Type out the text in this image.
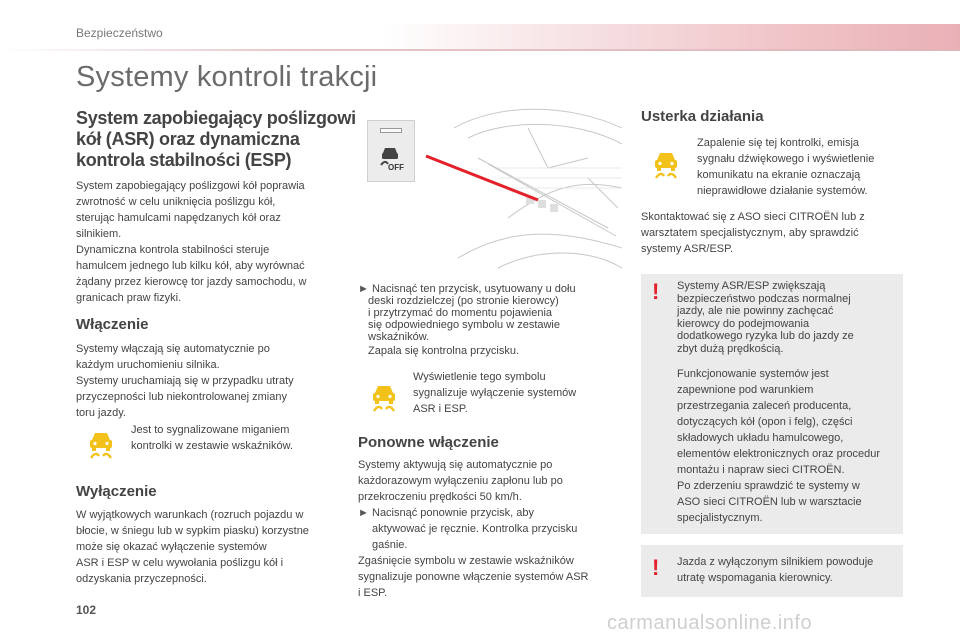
Bezpieczeństwo
Systemy kontroli trakcji
System zapobiegający poślizgowi
kół (ASR) oraz dynamiczna
kontrola stabilności (ESP)
System zapobiegający poślizgowi kół poprawia
zwrotność w celu uniknięcia poślizgu kół,
sterując hamulcami napędzanych kół oraz
silnikiem.
Dynamiczna kontrola stabilności steruje
hamulcem jednego lub kilku kół, aby wyrównać
żądany przez kierowcę tor jazdy samochodu, w
granicach praw fizyki.
Włączenie
Systemy włączają się automatycznie po
każdym uruchomieniu silnika.
Systemy uruchamiają się w przypadku utraty
przyczepności lub niekontrolowanej zmiany
toru jazdy.
Jest to sygnalizowane miganiem
kontrolki w zestawie wskaźników.
Wyłączenie
W wyjątkowych warunkach (rozruch pojazdu w
błocie, w śniegu lub w sypkim piasku) korzystne
może się okazać wyłączenie systemów
ASR i ESP w celu wywołania poślizgu kół i
odzyskania przyczepności.
OFF
► Nacisnąć ten przycisk, usytuowany u dołu
deski rozdzielczej (po stronie kierowcy)
i przytrzymać do momentu pojawienia
się odpowiedniego symbolu w zestawie
wskaźników.
Zapala się kontrolna przycisku.
Wyświetlenie tego symbolu
sygnalizuje wyłączenie systemów
ASR i ESP.
Ponowne włączenie
Systemy aktywują się automatycznie po
każdorazowym wyłączeniu zapłonu lub po
przekroczeniu prędkości 50 km/h.
► Nacisnąć ponownie przycisk, aby
aktywować je ręcznie. Kontrolka przycisku
gaśnie.
Zgaśnięcie symbolu w zestawie wskaźników
sygnalizuje ponowne włączenie systemów ASR
i ESP.
Usterka działania
Zapalenie się tej kontrolki, emisja
sygnału dźwiękowego i wyświetlenie
komunikatu na ekranie oznaczają
nieprawidłowe działanie systemów.
Skontaktować się z ASO sieci CITROËN lub z
warsztatem specjalistycznym, aby sprawdzić
systemy ASR/ESP.
! Systemy ASR/ESP zwiększają
bezpieczeństwo podczas normalnej
jazdy, ale nie powinny zachęcać
kierowcy do podejmowania
dodatkowego ryzyka lub do jazdy ze
zbyt dużą prędkością.
Funkcjonowanie systemów jest
zapewnione pod warunkiem
przestrzegania zaleceń producenta,
dotyczących kół (opon i felg), części
składowych układu hamulcowego,
elementów elektronicznych oraz procedur
montażu i napraw sieci CITROËN.
Po zderzeniu sprawdzić te systemy w
ASO sieci CITROËN lub w warsztacie
specjalistycznym.
! Jazda z wyłączonym silnikiem powoduje
utratę wspomagania kierownicy.
102
carmanualsonline.info
